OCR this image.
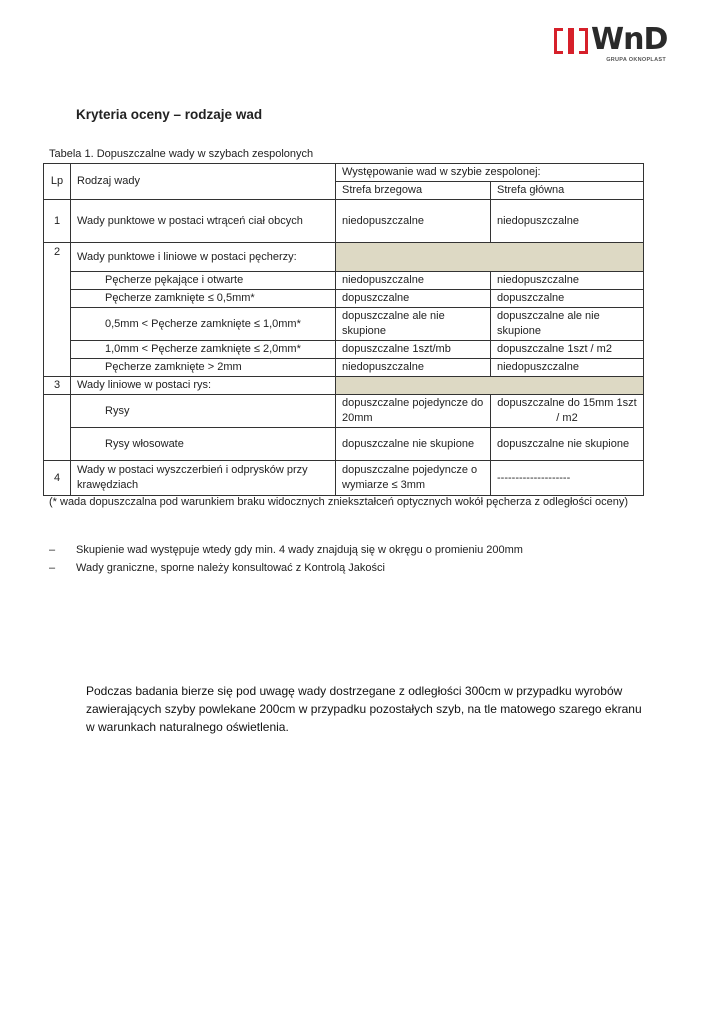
WnD
GRUPA OKNOPLAST
Kryteria oceny – rodzaje wad
Tabela 1. Dopuszczalne wady w szybach zespolonych
Lp	Rodzaj wady	Występowanie wad w szybie zespolonej:	
		Strefa brzegowa	Strefa główna
1	Wady punktowe w postaci wtrąceń ciał obcych	niedopuszczalne	niedopuszczalne
2	Wady punktowe i liniowe w postaci pęcherzy:		
	Pęcherze pękające i otwarte	niedopuszczalne	niedopuszczalne
	Pęcherze zamknięte ≤ 0,5mm*	dopuszczalne	dopuszczalne
	0,5mm < Pęcherze zamknięte ≤ 1,0mm*	dopuszczalne ale nie skupione	dopuszczalne ale nie skupione
	1,0mm < Pęcherze zamknięte ≤ 2,0mm*	dopuszczalne 1szt/mb	dopuszczalne 1szt / m2
	Pęcherze zamknięte > 2mm	niedopuszczalne	niedopuszczalne
3	Wady liniowe w postaci rys:		
	Rysy	dopuszczalne pojedyncze do 20mm	dopuszczalne do 15mm 1szt / m2
	Rysy włosowate	dopuszczalne nie skupione	dopuszczalne nie skupione
4	Wady w postaci wyszczerbień i odprysków przy krawędziach	dopuszczalne pojedyncze o wymiarze ≤ 3mm	--------------------
(* wada dopuszczalna pod warunkiem braku widocznych zniekształceń optycznych wokół pęcherza z odległości oceny)
–	Skupienie wad występuje wtedy gdy min. 4 wady znajdują się w okręgu o promieniu 200mm
–	Wady graniczne, sporne należy konsultować z Kontrolą Jakości
Podczas badania bierze się pod uwagę wady dostrzegane z odległości 300cm w przypadku wyrobów zawierających szyby powlekane 200cm w przypadku pozostałych szyb, na tle matowego szarego ekranu w warunkach naturalnego oświetlenia.
